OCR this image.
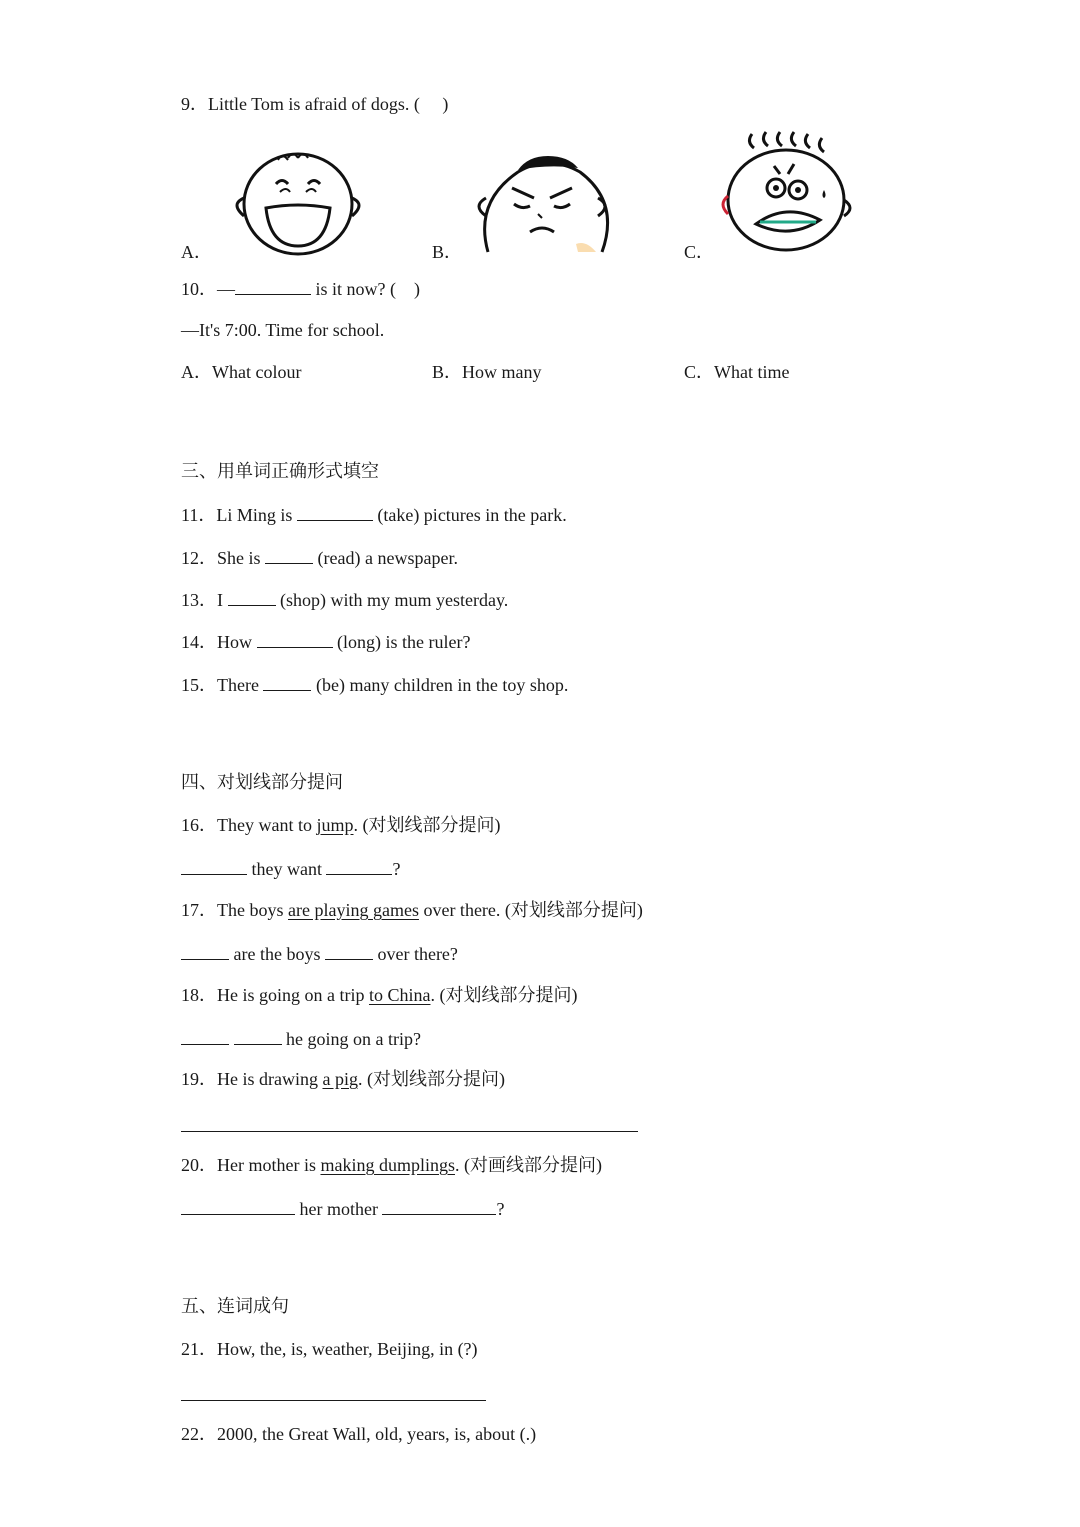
9．Little Tom is afraid of dogs. (　 )
A．	B．	C．
10．—	is it now? (　)
—It's 7:00. Time for school.
A．What colour	B．How many	C．What time
三、用单词正确形式填空
11．Li Ming is	(take) pictures in the park.
12．She is	(read) a newspaper.
13．I	(shop) with my mum yesterday.
14．How	(long) is the ruler?
15．There	(be) many children in the toy shop.
四、对划线部分提问
16．They want to jump. (对划线部分提问)
they want	?
17．The boys are playing games over there. (对划线部分提问)
are the boys	over there?
18．He is going on a trip to China. (对划线部分提问)
he going on a trip?
19．He is drawing a pig. (对划线部分提问)
20．Her mother is making dumplings. (对画线部分提问)
her mother	?
五、连词成句
21．How, the, is, weather, Beijing, in (?)
22．2000, the Great Wall, old, years, is, about (.)
